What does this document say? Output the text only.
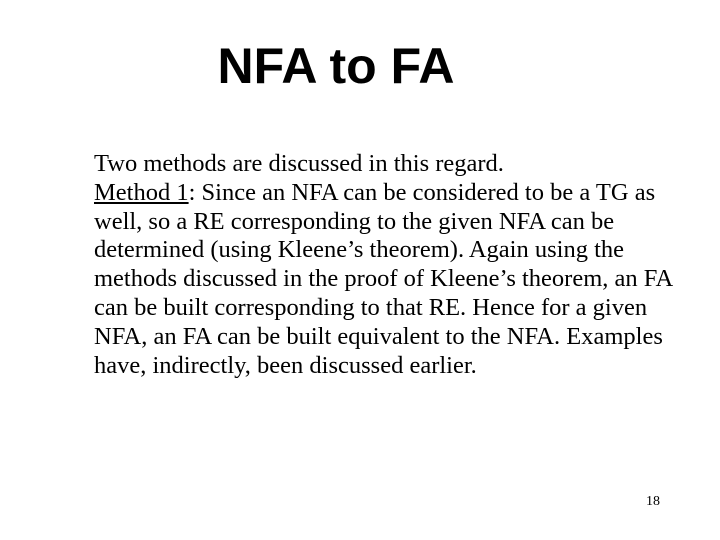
NFA to FA

Two methods are discussed in this regard.

Method 1: Since an NFA can be considered to be a TG as well, so a RE corresponding to the given NFA can be determined (using Kleene’s theorem). Again using the methods discussed in the proof of Kleene’s theorem, an FA can be built corresponding to that RE. Hence for a given NFA, an FA can be built equivalent to the NFA. Examples have, indirectly, been discussed earlier.

18
